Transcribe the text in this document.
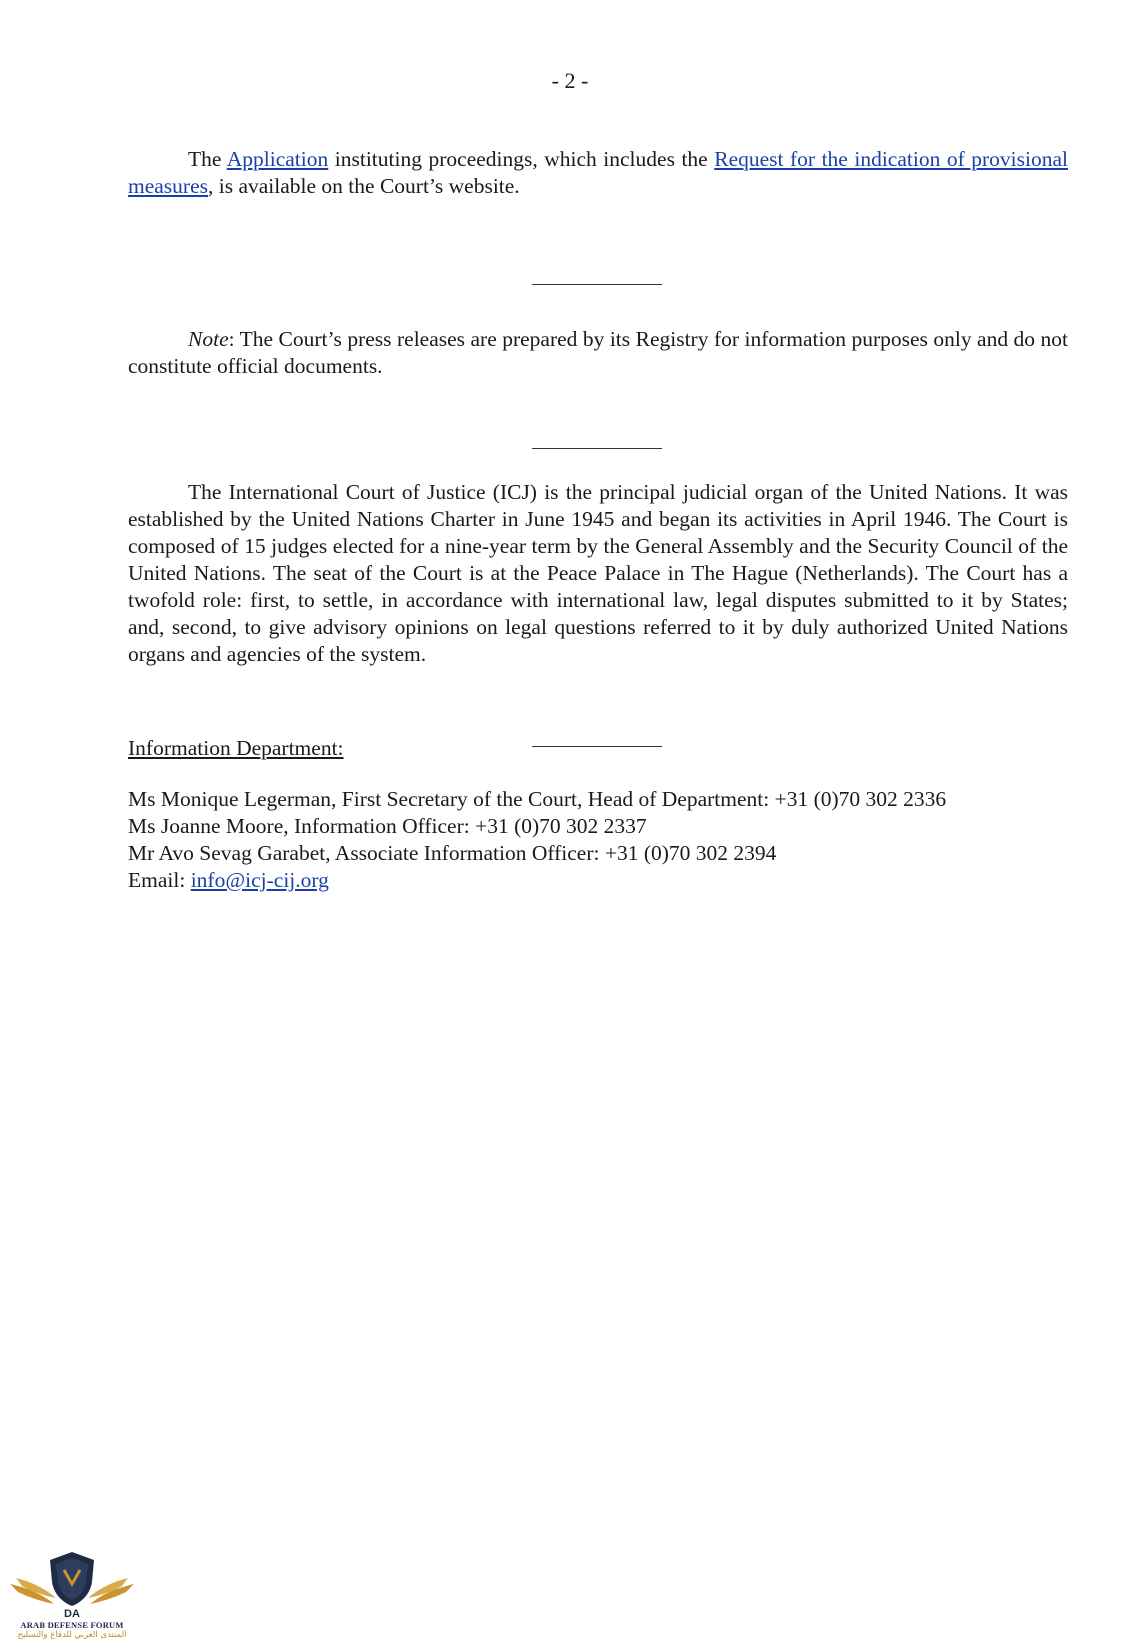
- 2 -

The Application instituting proceedings, which includes the Request for the indication of provisional measures, is available on the Court’s website.

Note: The Court’s press releases are prepared by its Registry for information purposes only and do not constitute official documents.

The International Court of Justice (ICJ) is the principal judicial organ of the United Nations. It was established by the United Nations Charter in June 1945 and began its activities in April 1946. The Court is composed of 15 judges elected for a nine-year term by the General Assembly and the Security Council of the United Nations. The seat of the Court is at the Peace Palace in The Hague (Netherlands). The Court has a twofold role: first, to settle, in accordance with international law, legal disputes submitted to it by States; and, second, to give advisory opinions on legal questions referred to it by duly authorized United Nations organs and agencies of the system.

Information Department:
Ms Monique Legerman, First Secretary of the Court, Head of Department: +31 (0)70 302 2336
Ms Joanne Moore, Information Officer: +31 (0)70 302 2337
Mr Avo Sevag Garabet, Associate Information Officer: +31 (0)70 302 2394
Email: info@icj-cij.org
DA
ARAB DEFENSE FORUM
المنتدى العربي للدفاع والتسليح
